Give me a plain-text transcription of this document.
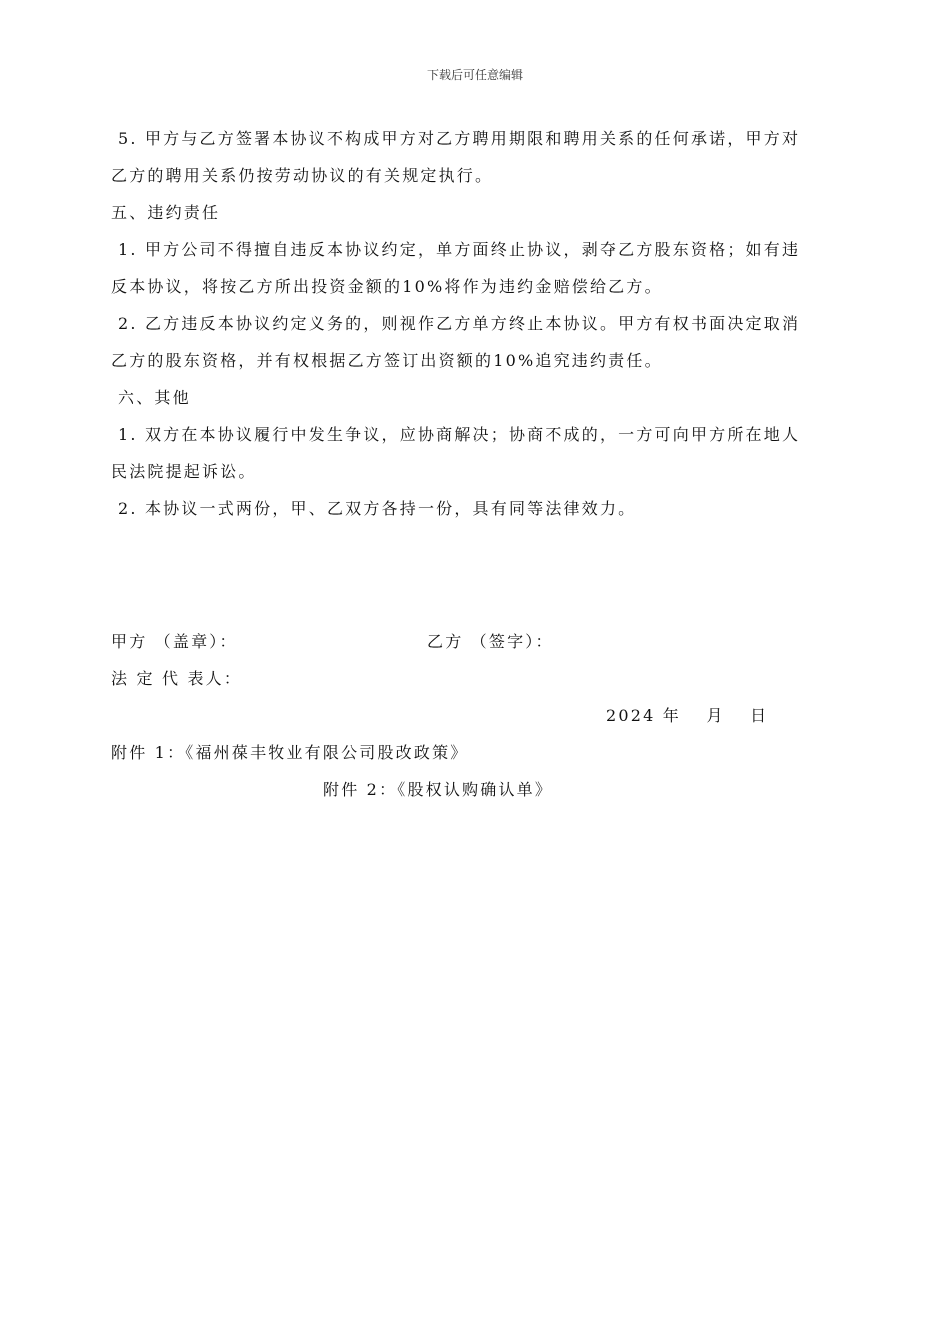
下载后可任意编辑
5. 甲方与乙方签署本协议不构成甲方对乙方聘用期限和聘用关系的任何承诺，甲方对
乙方的聘用关系仍按劳动协议的有关规定执行。
五、违约责任
1. 甲方公司不得擅自违反本协议约定，单方面终止协议，剥夺乙方股东资格；如有违
反本协议，将按乙方所出投资金额的10%将作为违约金赔偿给乙方。
2. 乙方违反本协议约定义务的，则视作乙方单方终止本协议。甲方有权书面决定取消
乙方的股东资格，并有权根据乙方签订出资额的10%追究违约责任。
六、其他
1. 双方在本协议履行中发生争议，应协商解决；协商不成的，一方可向甲方所在地人
民法院提起诉讼。
2. 本协议一式两份，甲、乙双方各持一份，具有同等法律效力。
甲方 （盖章）：	乙方 （签字）：
法 定 代 表人：
2024 年　 月　 日
附件 1：《福州葆丰牧业有限公司股改政策》
附件 2：《股权认购确认单》
